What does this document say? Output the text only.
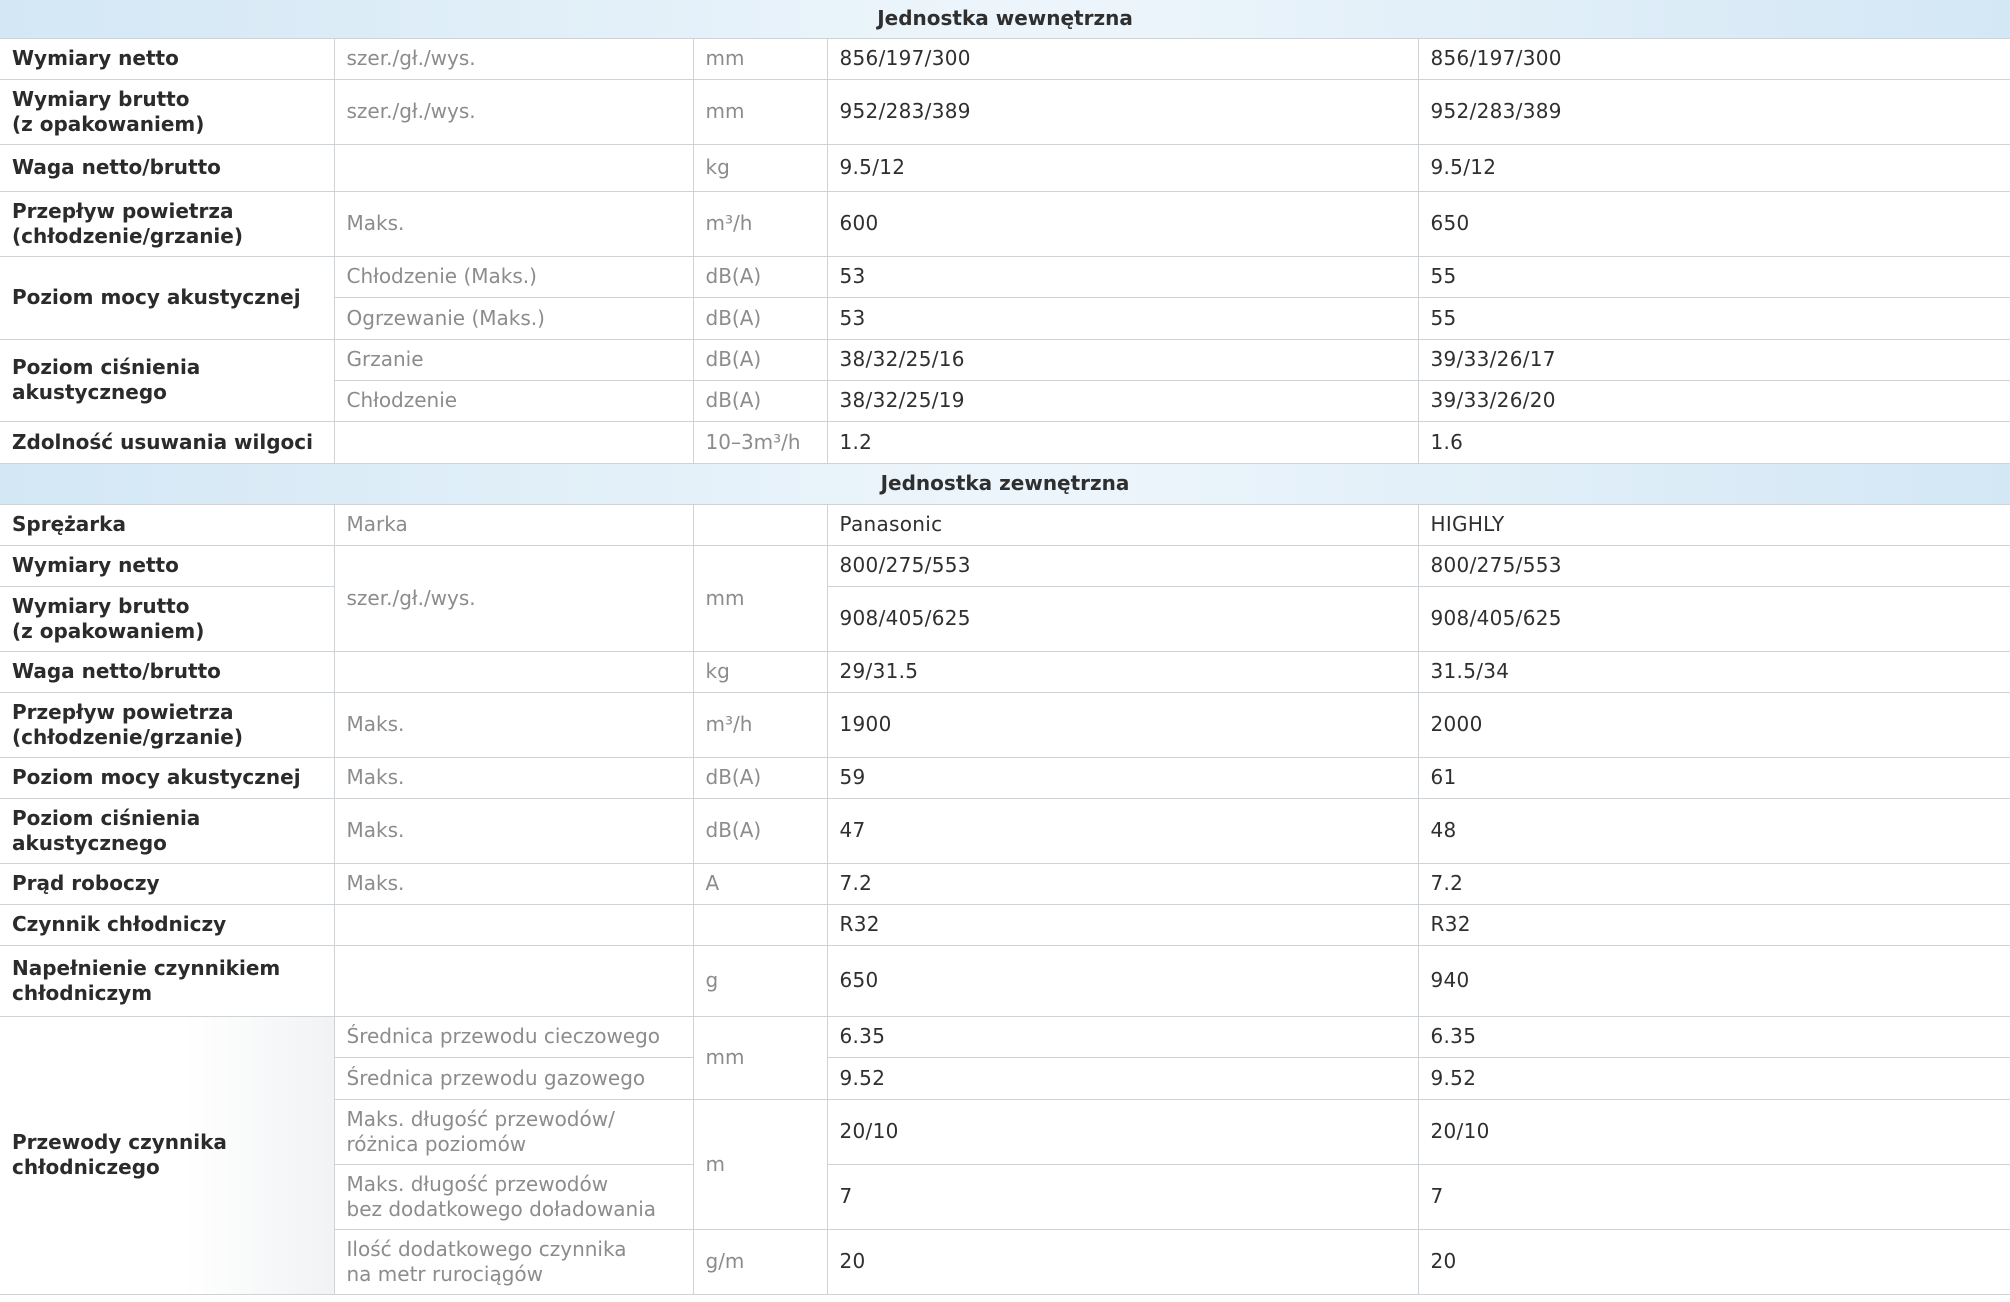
Jednostka wewnętrzna				
Wymiary netto	szer./gł./wys.	mm	856/197/300	856/197/300
Wymiary brutto
(z opakowaniem)	szer./gł./wys.	mm	952/283/389	952/283/389
Waga netto/brutto		kg	9.5/12	9.5/12
Przepływ powietrza
(chłodzenie/grzanie)	Maks.	m³/h	600	650
Poziom mocy akustycznej	Chłodzenie (Maks.)	dB(A)	53	55
	Ogrzewanie (Maks.)	dB(A)	53	55
Poziom ciśnienia
akustycznego	Grzanie	dB(A)	38/32/25/16	39/33/26/17
	Chłodzenie	dB(A)	38/32/25/19	39/33/26/20
Zdolność usuwania wilgoci		10–3m³/h	1.2	1.6
Jednostka zewnętrzna				
Sprężarka	Marka		Panasonic	HIGHLY
Wymiary netto	szer./gł./wys.	mm	800/275/553	800/275/553
Wymiary brutto
(z opakowaniem)			908/405/625	908/405/625
Waga netto/brutto		kg	29/31.5	31.5/34
Przepływ powietrza
(chłodzenie/grzanie)	Maks.	m³/h	1900	2000
Poziom mocy akustycznej	Maks.	dB(A)	59	61
Poziom ciśnienia
akustycznego	Maks.	dB(A)	47	48
Prąd roboczy	Maks.	A	7.2	7.2
Czynnik chłodniczy			R32	R32
Napełnienie czynnikiem
chłodniczym		g	650	940
Przewody czynnika
chłodniczego	Średnica przewodu cieczowego	mm	6.35	6.35
	Średnica przewodu gazowego		9.52	9.52
	Maks. długość przewodów/
różnica poziomów	m	20/10	20/10
	Maks. długość przewodów
bez dodatkowego doładowania		7	7
	Ilość dodatkowego czynnika
na metr rurociągów	g/m	20	20
